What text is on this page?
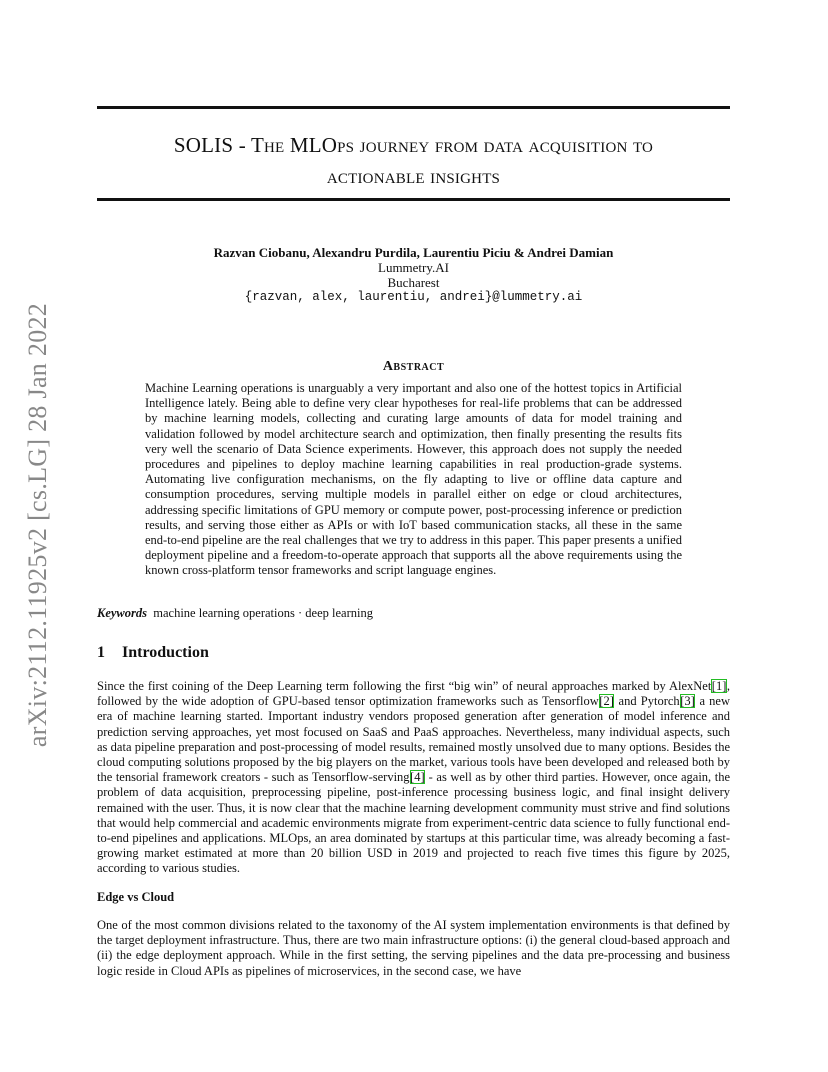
arXiv:2112.11925v2 [cs.LG] 28 Jan 2022
SOLIS - The MLOps journey from data acquisition to
actionable insights
Razvan Ciobanu, Alexandru Purdila, Laurentiu Piciu & Andrei Damian
Lummetry.AI
Bucharest
{razvan, alex, laurentiu, andrei}@lummetry.ai
Abstract

Machine Learning operations is unarguably a very important and also one of the hottest topics in Artificial Intelligence lately. Being able to define very clear hypotheses for real-life problems that can be addressed by machine learning models, collecting and curating large amounts of data for model training and validation followed by model architecture search and optimization, then finally presenting the results fits very well the scenario of Data Science experiments. However, this approach does not supply the needed procedures and pipelines to deploy machine learning capabilities in real production-grade systems. Automating live configuration mechanisms, on the fly adapting to live or offline data capture and consumption procedures, serving multiple models in parallel either on edge or cloud architectures, addressing specific limitations of GPU memory or compute power, post-processing inference or prediction results, and serving those either as APIs or with IoT based communication stacks, all these in the same end-to-end pipeline are the real challenges that we try to address in this paper. This paper presents a unified deployment pipeline and a freedom-to-operate approach that supports all the above requirements using the known cross-platform tensor frameworks and script language engines.

Keywords machine learning operations · deep learning
1 Introduction

Since the first coining of the Deep Learning term following the first “big win” of neural approaches marked by AlexNet[1], followed by the wide adoption of GPU-based tensor optimization frameworks such as Tensorflow[2] and Pytorch[3] a new era of machine learning started. Important industry vendors proposed generation after generation of model inference and prediction serving approaches, yet most focused on SaaS and PaaS approaches. Nevertheless, many individual aspects, such as data pipeline preparation and post-processing of model results, remained mostly unsolved due to many options. Besides the cloud computing solutions proposed by the big players on the market, various tools have been developed and released both by the tensorial framework creators - such as Tensorflow-serving[4] - as well as by other third parties. However, once again, the problem of data acquisition, preprocessing pipeline, post-inference processing business logic, and final insight delivery remained with the user. Thus, it is now clear that the machine learning development community must strive and find solutions that would help commercial and academic environments migrate from experiment-centric data science to fully functional end-to-end pipelines and applications. MLOps, an area dominated by startups at this particular time, was already becoming a fast-growing market estimated at more than 20 billion USD in 2019 and projected to reach five times this figure by 2025, according to various studies.

Edge vs Cloud

One of the most common divisions related to the taxonomy of the AI system implementation environments is that defined by the target deployment infrastructure. Thus, there are two main infrastructure options: (i) the general cloud-based approach and (ii) the edge deployment approach. While in the first setting, the serving pipelines and the data pre-processing and business logic reside in Cloud APIs as pipelines of microservices, in the second case, we have
